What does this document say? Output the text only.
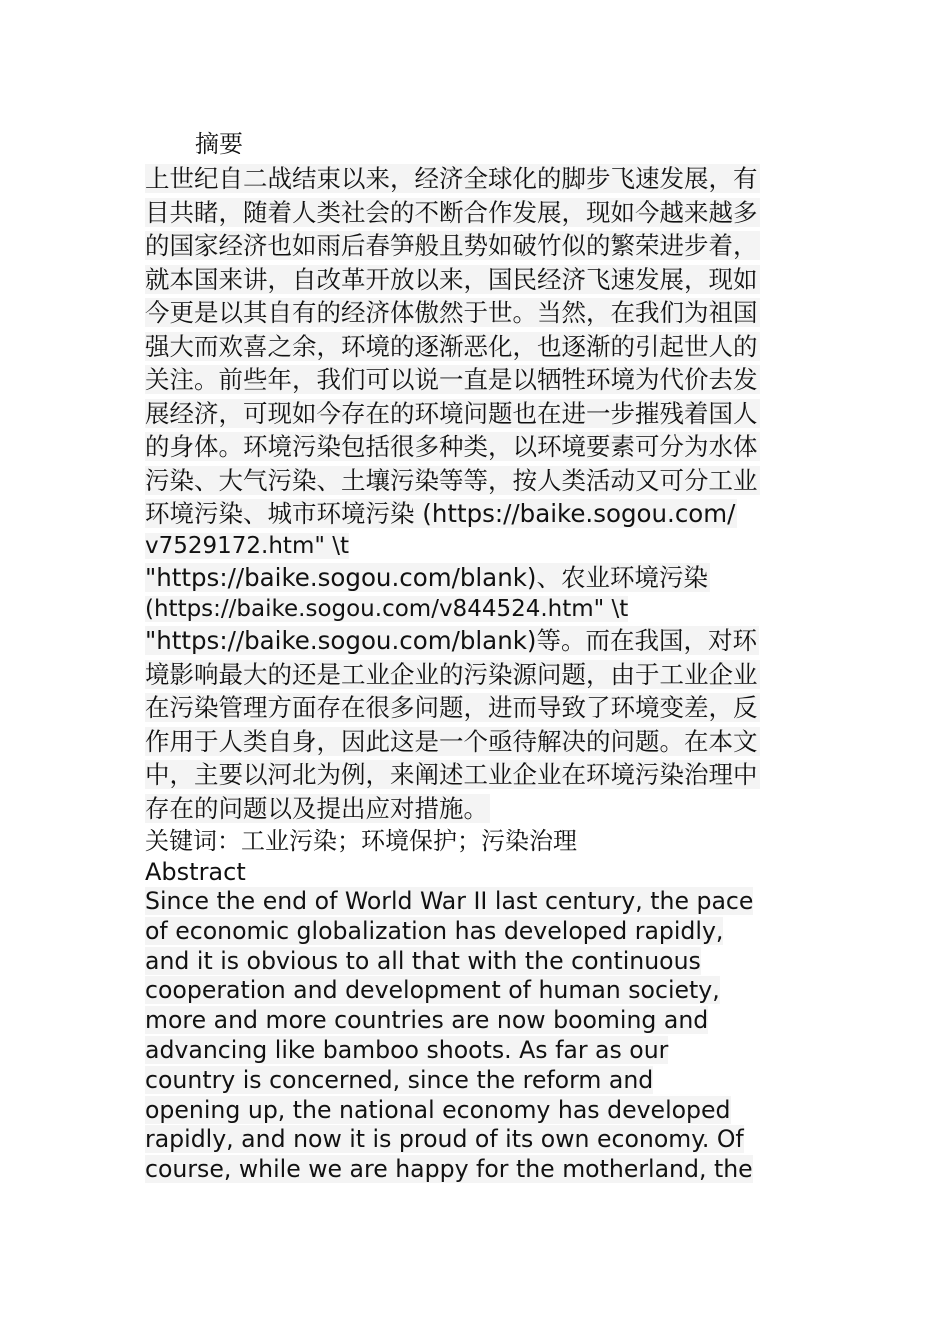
摘要
上世纪自二战结束以来，经济全球化的脚步飞速发展，有
目共睹，随着人类社会的不断合作发展，现如今越来越多
的国家经济也如雨后春笋般且势如破竹似的繁荣进步着，
就本国来讲，自改革开放以来，国民经济飞速发展，现如
今更是以其自有的经济体傲然于世。当然，在我们为祖国
强大而欢喜之余，环境的逐渐恶化，也逐渐的引起世人的
关注。前些年，我们可以说一直是以牺牲环境为代价去发
展经济，可现如今存在的环境问题也在进一步摧残着国人
的身体。环境污染包括很多种类，以环境要素可分为水体
污染、大气污染、土壤污染等等，按人类活动又可分工业
环境污染、城市环境污染 (https://baike.sogou.com/
v7529172.htm" \t
"https://baike.sogou.com/blank)、农业环境污染
(https://baike.sogou.com/v844524.htm" \t
"https://baike.sogou.com/blank)等。而在我国，对环
境影响最大的还是工业企业的污染源问题，由于工业企业
在污染管理方面存在很多问题，进而导致了环境变差，反
作用于人类自身，因此这是一个亟待解决的问题。在本文
中，主要以河北为例，来阐述工业企业在环境污染治理中
存在的问题以及提出应对措施。
关键词：工业污染；环境保护；污染治理
Abstract
Since the end of World War II last century, the pace
of economic globalization has developed rapidly,
and it is obvious to all that with the continuous
cooperation and development of human society,
more and more countries are now booming and
advancing like bamboo shoots. As far as our
country is concerned, since the reform and
opening up, the national economy has developed
rapidly, and now it is proud of its own economy. Of
course, while we are happy for the motherland, the
